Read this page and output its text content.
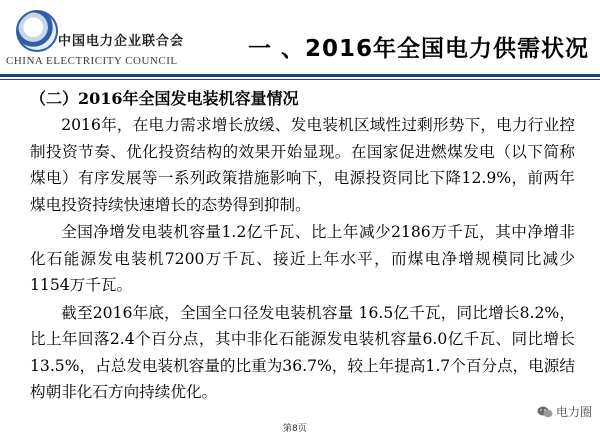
中国电力企业联合会
CHINA ELECTRICITY COUNCIL	一 、2016年全国电力供需状况
（二）2016年全国发电装机容量情况

2016年，在电力需求增长放缓、发电装机区域性过剩形势下，电力行业控制投资节奏、优化投资结构的效果开始显现。在国家促进燃煤发电（以下简称煤电）有序发展等一系列政策措施影响下，电源投资同比下降12.9%，前两年煤电投资持续快速增长的态势得到抑制。

全国净增发电装机容量1.2亿千瓦、比上年减少2186万千瓦，其中净增非化石能源发电装机7200万千瓦、接近上年水平，而煤电净增规模同比减少1154万千瓦。

截至2016年底，全国全口径发电装机容量 16.5亿千瓦，同比增长8.2%，比上年回落2.4个百分点，其中非化石能源发电装机容量6.0亿千瓦、同比增长13.5%，占总发电装机容量的比重为36.7%，较上年提高1.7个百分点，电源结构朝非化石方向持续优化。

电力圈
第8页
